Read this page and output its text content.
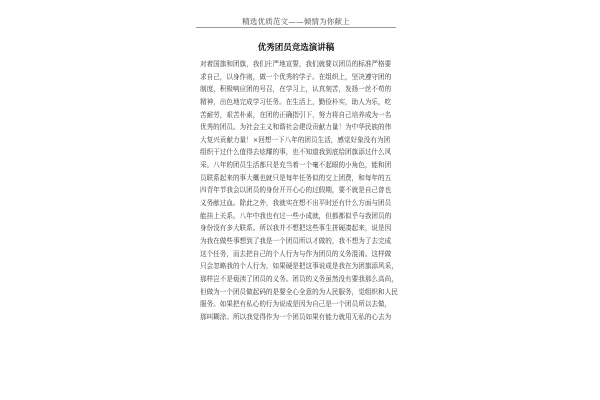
精选优质范文——倾情为你献上
优秀团员竞选演讲稿
对着国旗和团旗，我们庄严地宣誓，我们就要以团员的标准严格要
求自己，以身作则，做一个优秀的学子。在组织上，坚决遵守团的
制度，积极响应团的号召，在学习上，认真刻苦，发扬一丝不苟的
精神，出色地完成学习任务。在生活上，勤俭朴实，助人为乐，吃
苦耐劳，艰苦朴素，在团的正确指引下，努力将自己培养成为一名
优秀的团员。为社会主义和谐社会建设贡献力量！为中华民族的伟
大复兴贡献力量！×回想一下八年的团员生活，感觉好象没有为团
组织干过什么值得去炫耀的事，也不知道我到底给团旗添过什么风
采。八年的团员生活都只是充当着一个毫不起眼的小角色，能和团
员联系起来的事大概也就只是每年任务似的交上团费，和每年的五
四青年节我会以团员的身份开开心心的过假期，要不就是自己曾也
义务献过血。除此之外，我就实在想不出平时还有什么方面与团员
能挂上关系。八年中我也有过一些小成就，但都都似乎与我团员的
身份没有多大联系。所以我并不想把这些事生拼硬凑起来，说是因
为我在做些事想到了我是一个团员所以才做的，我不想为了去完成
这个任务，而去把自己的个人行为与作为团员的义务混淆。这样做
只会忽略我的个人行为，如果硬是把这事说成是我在为团旗添风采，
那样岂不是亵渎了团员的义务。团员的义务虽然没有要我那么高尚，
但做为一个团员做起码的是要全心全意的为人民服务，觉组织和人民
服务。如果把有私心的行为说成是因为自己是一个团员所以去做，
那叫糊涂。所以我觉得作为一个团员如果有能力就用无私的心去为
